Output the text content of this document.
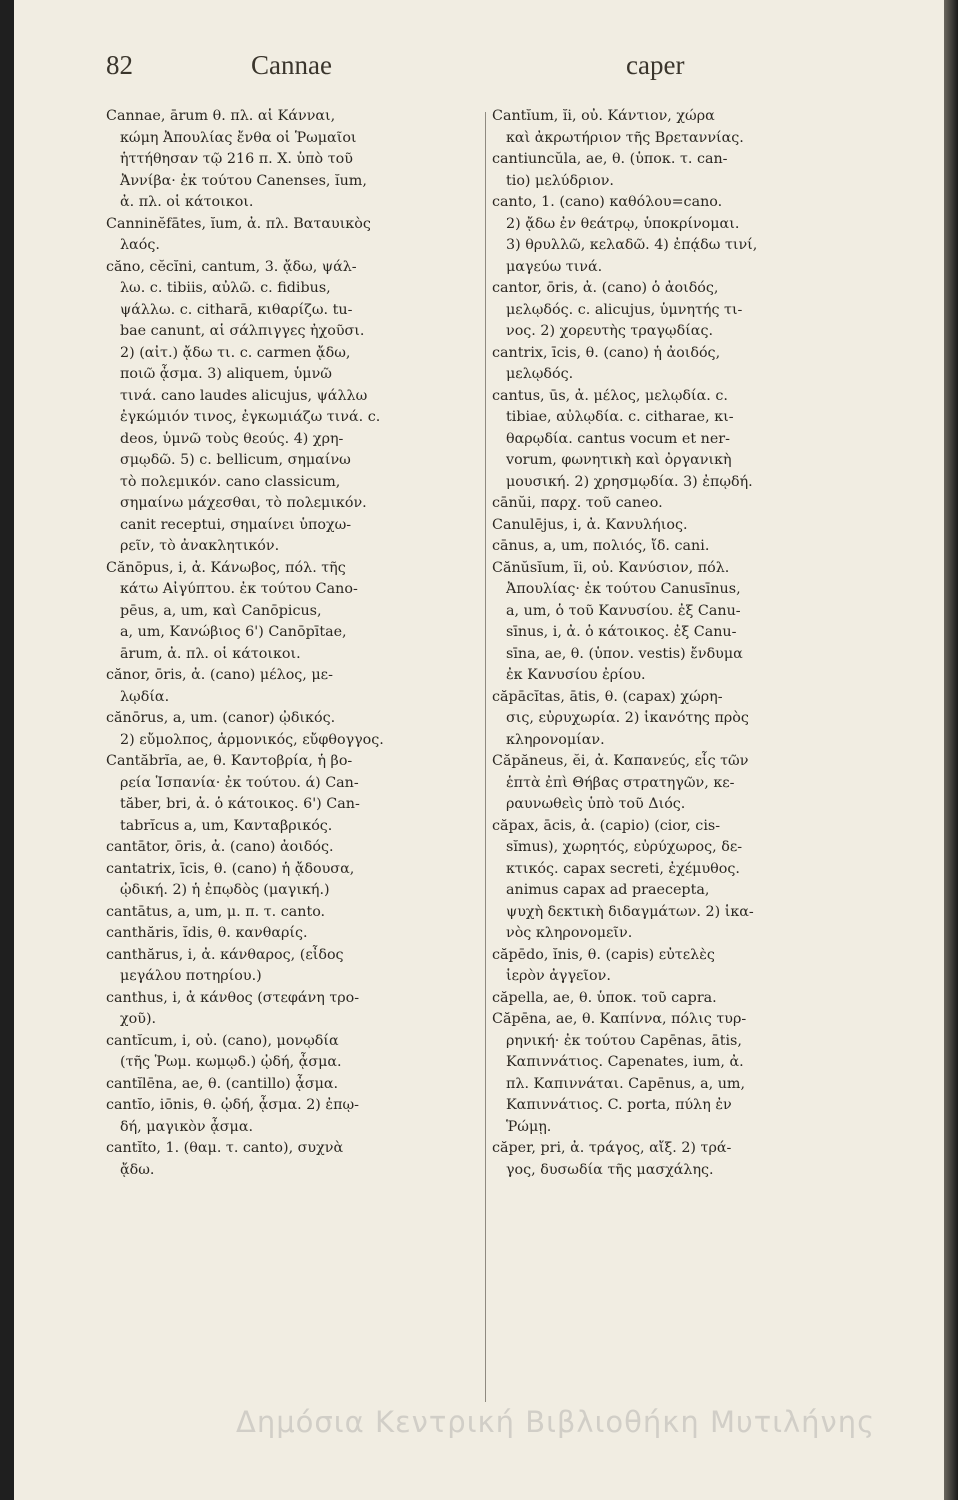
82	Cannae	caper
Cannae, ārum θ. πλ. αἱ Κάνναι,
κώμη Ἀπουλίας ἔνθα οἱ Ῥωμαῖοι
ἡττήθησαν τῷ 216 π. Χ. ὑπὸ τοῦ
Ἀννίβα· ἐκ τούτου Canenses, ĭum,
ἀ. πλ. οἱ κάτοικοι.
Canninĕfātes, ĭum, ἀ. πλ. Βαταυικὸς
λαός.
căno, cĕcĭni, cantum, 3. ᾄδω, ψάλ-
λω. c. tibiis, αὐλῶ. c. fidibus,
ψάλλω. c. citharā, κιθαρίζω. tu-
bae canunt, αἱ σάλπιγγες ἠχοῦσι.
2) (αἰτ.) ᾄδω τι. c. carmen ᾄδω,
ποιῶ ᾆσμα. 3) aliquem, ὑμνῶ
τινά. cano laudes alicujus, ψάλλω
ἐγκώμιόν τινος, ἐγκωμιάζω τινά. c.
deos, ὑμνῶ τοὺς θεούς. 4) χρη-
σμῳδῶ. 5) c. bellicum, σημαίνω
τὸ πολεμικόν. cano classicum,
σημαίνω μάχεσθαι, τὸ πολεμικόν.
canit receptui, σημαίνει ὑποχω-
ρεῖν, τὸ ἀνακλητικόν.
Cănōpus, i, ἀ. Κάνωβος, πόλ. τῆς
κάτω Αἰγύπτου. ἐκ τούτου Cano-
pēus, a, um, καὶ Canōpicus,
a, um, Κανώβιος 6') Canōpītae,
ārum, ἀ. πλ. οἱ κάτοικοι.
cănor, ōris, ἀ. (cano) μέλος, με-
λῳδία.
cănōrus, a, um. (canor) ᾠδικός.
2) εὔμολπος, ἁρμονικός, εὔφθογγος.
Cantăbrĭa, ae, θ. Καντοβρία, ἡ βο-
ρεία Ἱσπανία· ἐκ τούτου. ά) Can-
tăber, bri, ἀ. ὁ κάτοικος. 6') Can-
tabrĭcus a, um, Κανταβρικός.
cantātor, ōris, ἀ. (cano) ἀοιδός.
cantatrix, īcis, θ. (cano) ἡ ᾄδουσα,
ᾠδική. 2) ἡ ἐπῳδὸς (μαγική.)
cantātus, a, um, μ. π. τ. canto.
canthăris, ĭdis, θ. κανθαρίς.
canthărus, i, ἀ. κάνθαρος, (εἶδος
μεγάλου ποτηρίου.)
canthus, i, ἀ κάνθος (στεφάνη τρο-
χοῦ).
cantĭcum, i, οὐ. (cano), μονῳδία
(τῆς Ῥωμ. κωμῳδ.) ᾠδή, ᾆσμα.
cantĭlēna, ae, θ. (cantillo) ᾆσμα.
cantĭo, iōnis, θ. ᾠδή, ᾆσμα. 2) ἐπῳ-
δή, μαγικὸν ᾆσμα.
cantĭto, 1. (θαμ. τ. canto), συχνὰ
ᾄδω.
Cantĭum, ĭi, οὐ. Κάντιον, χώρα
καὶ ἀκρωτήριον τῆς Βρεταννίας.
cantiuncŭla, ae, θ. (ὑποκ. τ. can-
tio) μελύδριον.
canto, 1. (cano) καθόλου=cano.
2) ᾄδω ἐν θεάτρῳ, ὑποκρίνομαι.
3) θρυλλῶ, κελαδῶ. 4) ἐπᾴδω τινί,
μαγεύω τινά.
cantor, ōris, ἀ. (cano) ὁ ἀοιδός,
μελῳδός. c. alicujus, ὑμνητής τι-
νος. 2) χορευτὴς τραγῳδίας.
cantrix, īcis, θ. (cano) ἡ ἀοιδός,
μελῳδός.
cantus, ūs, ἀ. μέλος, μελῳδία. c.
tibiae, αὐλῳδία. c. citharae, κι-
θαρῳδία. cantus vocum et ner-
vorum, φωνητικὴ καὶ ὀργανικὴ
μουσική. 2) χρησμῳδία. 3) ἐπῳδή.
cānŭi, παρχ. τοῦ caneo.
Canulējus, i, ἀ. Κανυλήιος.
cānus, a, um, πολιός, ἴδ. cani.
Cănŭsĭum, ĭi, οὐ. Κανύσιον, πόλ.
Ἀπουλίας· ἐκ τούτου Canusīnus,
a, um, ὁ τοῦ Κανυσίου. ἐξ Canu-
sīnus, i, ἀ. ὁ κάτοικος. ἐξ Canu-
sīna, ae, θ. (ὑπον. vestis) ἔνδυμα
ἐκ Κανυσίου ἐρίου.
căpācĭtas, ātis, θ. (capax) χώρη-
σις, εὐρυχωρία. 2) ἱκανότης πρὸς
κληρονομίαν.
Căpăneus, ĕi, ἀ. Καπανεύς, εἷς τῶν
ἑπτὰ ἐπὶ Θήβας στρατηγῶν, κε-
ραυνωθεὶς ὑπὸ τοῦ Διός.
căpax, ācis, ἀ. (capio) (cior, cis-
sĭmus), χωρητός, εὐρύχωρος, δε-
κτικός. capax secreti, ἐχέμυθος.
animus capax ad praecepta,
ψυχὴ δεκτικὴ διδαγμάτων. 2) ἱκα-
νὸς κληρονομεῖν.
căpēdo, ĭnis, θ. (capis) εὐτελὲς
ἱερὸν ἀγγεῖον.
căpella, ae, θ. ὑποκ. τοῦ capra.
Căpēna, ae, θ. Καπίννα, πόλις τυρ-
ρηνική· ἐκ τούτου Capēnas, ātis,
Καπιννάτιος. Capenates, ium, ἀ.
πλ. Καπιννάται. Capēnus, a, um,
Καπιννάτιος. C. porta, πύλη ἐν
Ῥώμῃ.
căper, pri, ἀ. τράγος, αἴξ. 2) τρά-
γος, δυσωδία τῆς μασχάλης.
Δημόσια Κεντρική Βιβλιοθήκη Μυτιλήνης
